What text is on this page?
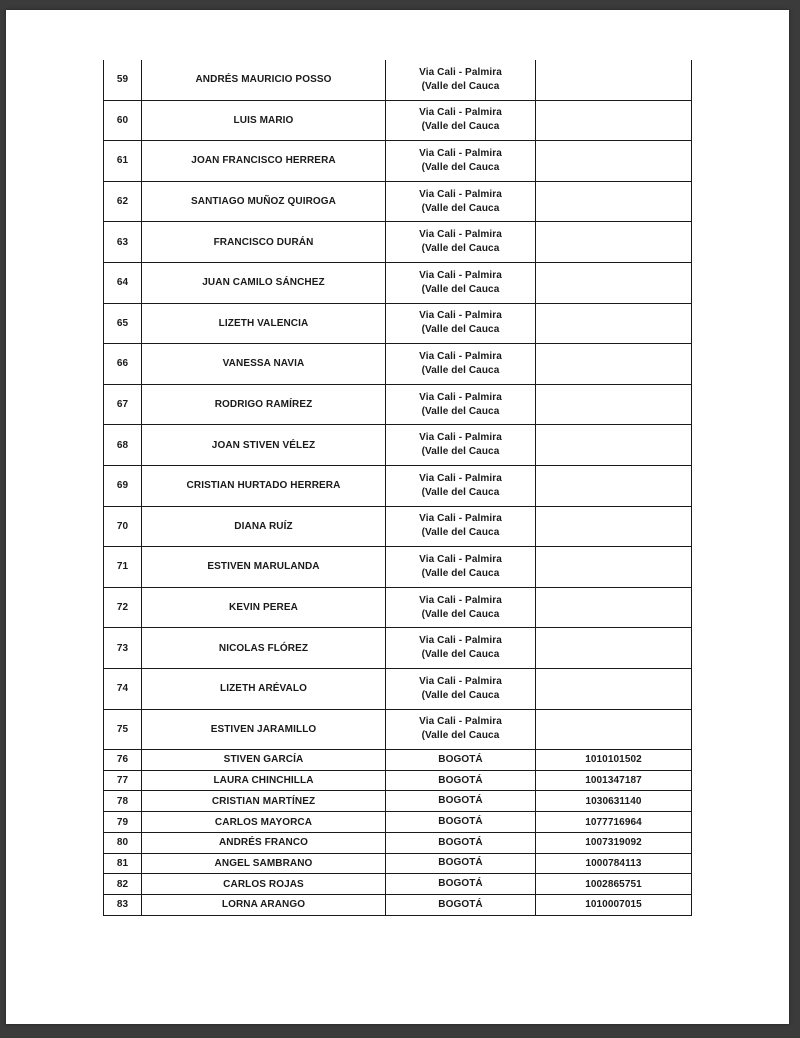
59	ANDRÉS MAURICIO POSSO	Via Cali - Palmira
(Valle del Cauca	

60	LUIS MARIO	Via Cali - Palmira
(Valle del Cauca	

61	JOAN FRANCISCO HERRERA	Via Cali - Palmira
(Valle del Cauca	

62	SANTIAGO MUÑOZ QUIROGA	Via Cali - Palmira
(Valle del Cauca	

63	FRANCISCO DURÁN	Via Cali - Palmira
(Valle del Cauca	

64	JUAN CAMILO SÁNCHEZ	Via Cali - Palmira
(Valle del Cauca	

65	LIZETH VALENCIA	Via Cali - Palmira
(Valle del Cauca	

66	VANESSA NAVIA	Via Cali - Palmira
(Valle del Cauca	

67	RODRIGO RAMÍREZ	Via Cali - Palmira
(Valle del Cauca	

68	JOAN STIVEN VÉLEZ	Via Cali - Palmira
(Valle del Cauca	

69	CRISTIAN HURTADO HERRERA	Via Cali - Palmira
(Valle del Cauca	

70	DIANA RUÍZ	Via Cali - Palmira
(Valle del Cauca	

71	ESTIVEN MARULANDA	Via Cali - Palmira
(Valle del Cauca	

72	KEVIN PEREA	Via Cali - Palmira
(Valle del Cauca	

73	NICOLAS FLÓREZ	Via Cali - Palmira
(Valle del Cauca	

74	LIZETH ARÉVALO	Via Cali - Palmira
(Valle del Cauca	

75	ESTIVEN JARAMILLO	Via Cali - Palmira
(Valle del Cauca	

76	STIVEN GARCÍA	BOGOTÁ	1010101502
77	LAURA CHINCHILLA	BOGOTÁ	1001347187
78	CRISTIAN MARTÍNEZ	BOGOTÁ	1030631140
79	CARLOS MAYORCA	BOGOTÁ	1077716964
80	ANDRÉS FRANCO	BOGOTÁ	1007319092
81	ANGEL SAMBRANO	BOGOTÁ	1000784113
82	CARLOS ROJAS	BOGOTÁ	1002865751
83	LORNA ARANGO	BOGOTÁ	1010007015
